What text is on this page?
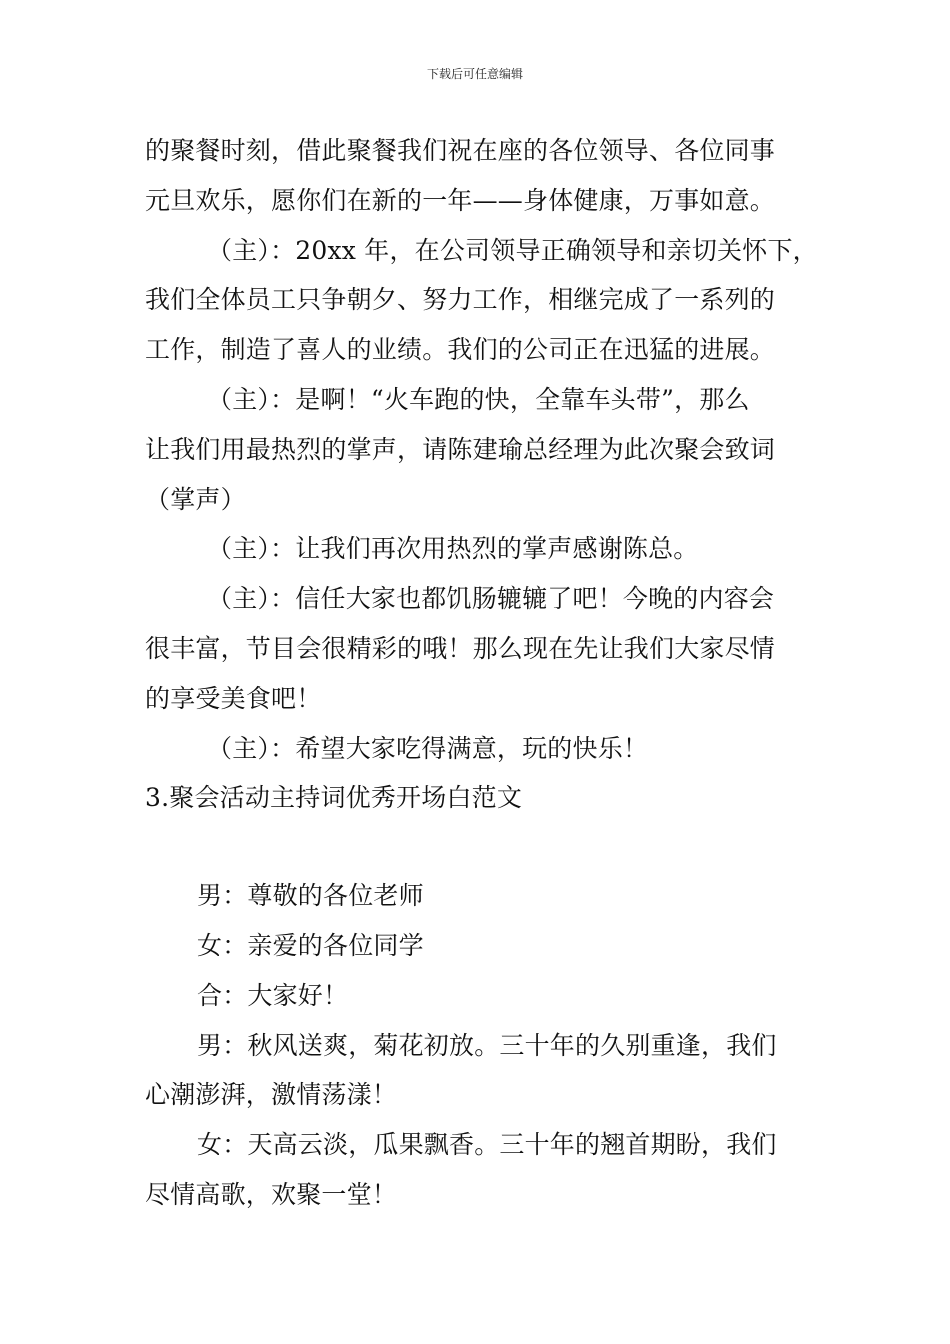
下载后可任意编辑
的聚餐时刻，借此聚餐我们祝在座的各位领导、各位同事
元旦欢乐，愿你们在新的一年——身体健康，万事如意。
（主）：20xx 年，在公司领导正确领导和亲切关怀下，
我们全体员工只争朝夕、努力工作，相继完成了一系列的
工作，制造了喜人的业绩。我们的公司正在迅猛的进展。
（主）：是啊！“火车跑的快，全靠车头带”，那么
让我们用最热烈的掌声，请陈建瑜总经理为此次聚会致词
（掌声）
（主）：让我们再次用热烈的掌声感谢陈总。
（主）：信任大家也都饥肠辘辘了吧！今晚的内容会
很丰富，节目会很精彩的哦！那么现在先让我们大家尽情
的享受美食吧！
（主）：希望大家吃得满意，玩的快乐！
3.聚会活动主持词优秀开场白范文
男：尊敬的各位老师
女：亲爱的各位同学
合：大家好！
男：秋风送爽，菊花初放。三十年的久别重逢，我们
心潮澎湃，激情荡漾！
女：天高云淡，瓜果飘香。三十年的翘首期盼，我们
尽情高歌，欢聚一堂！
